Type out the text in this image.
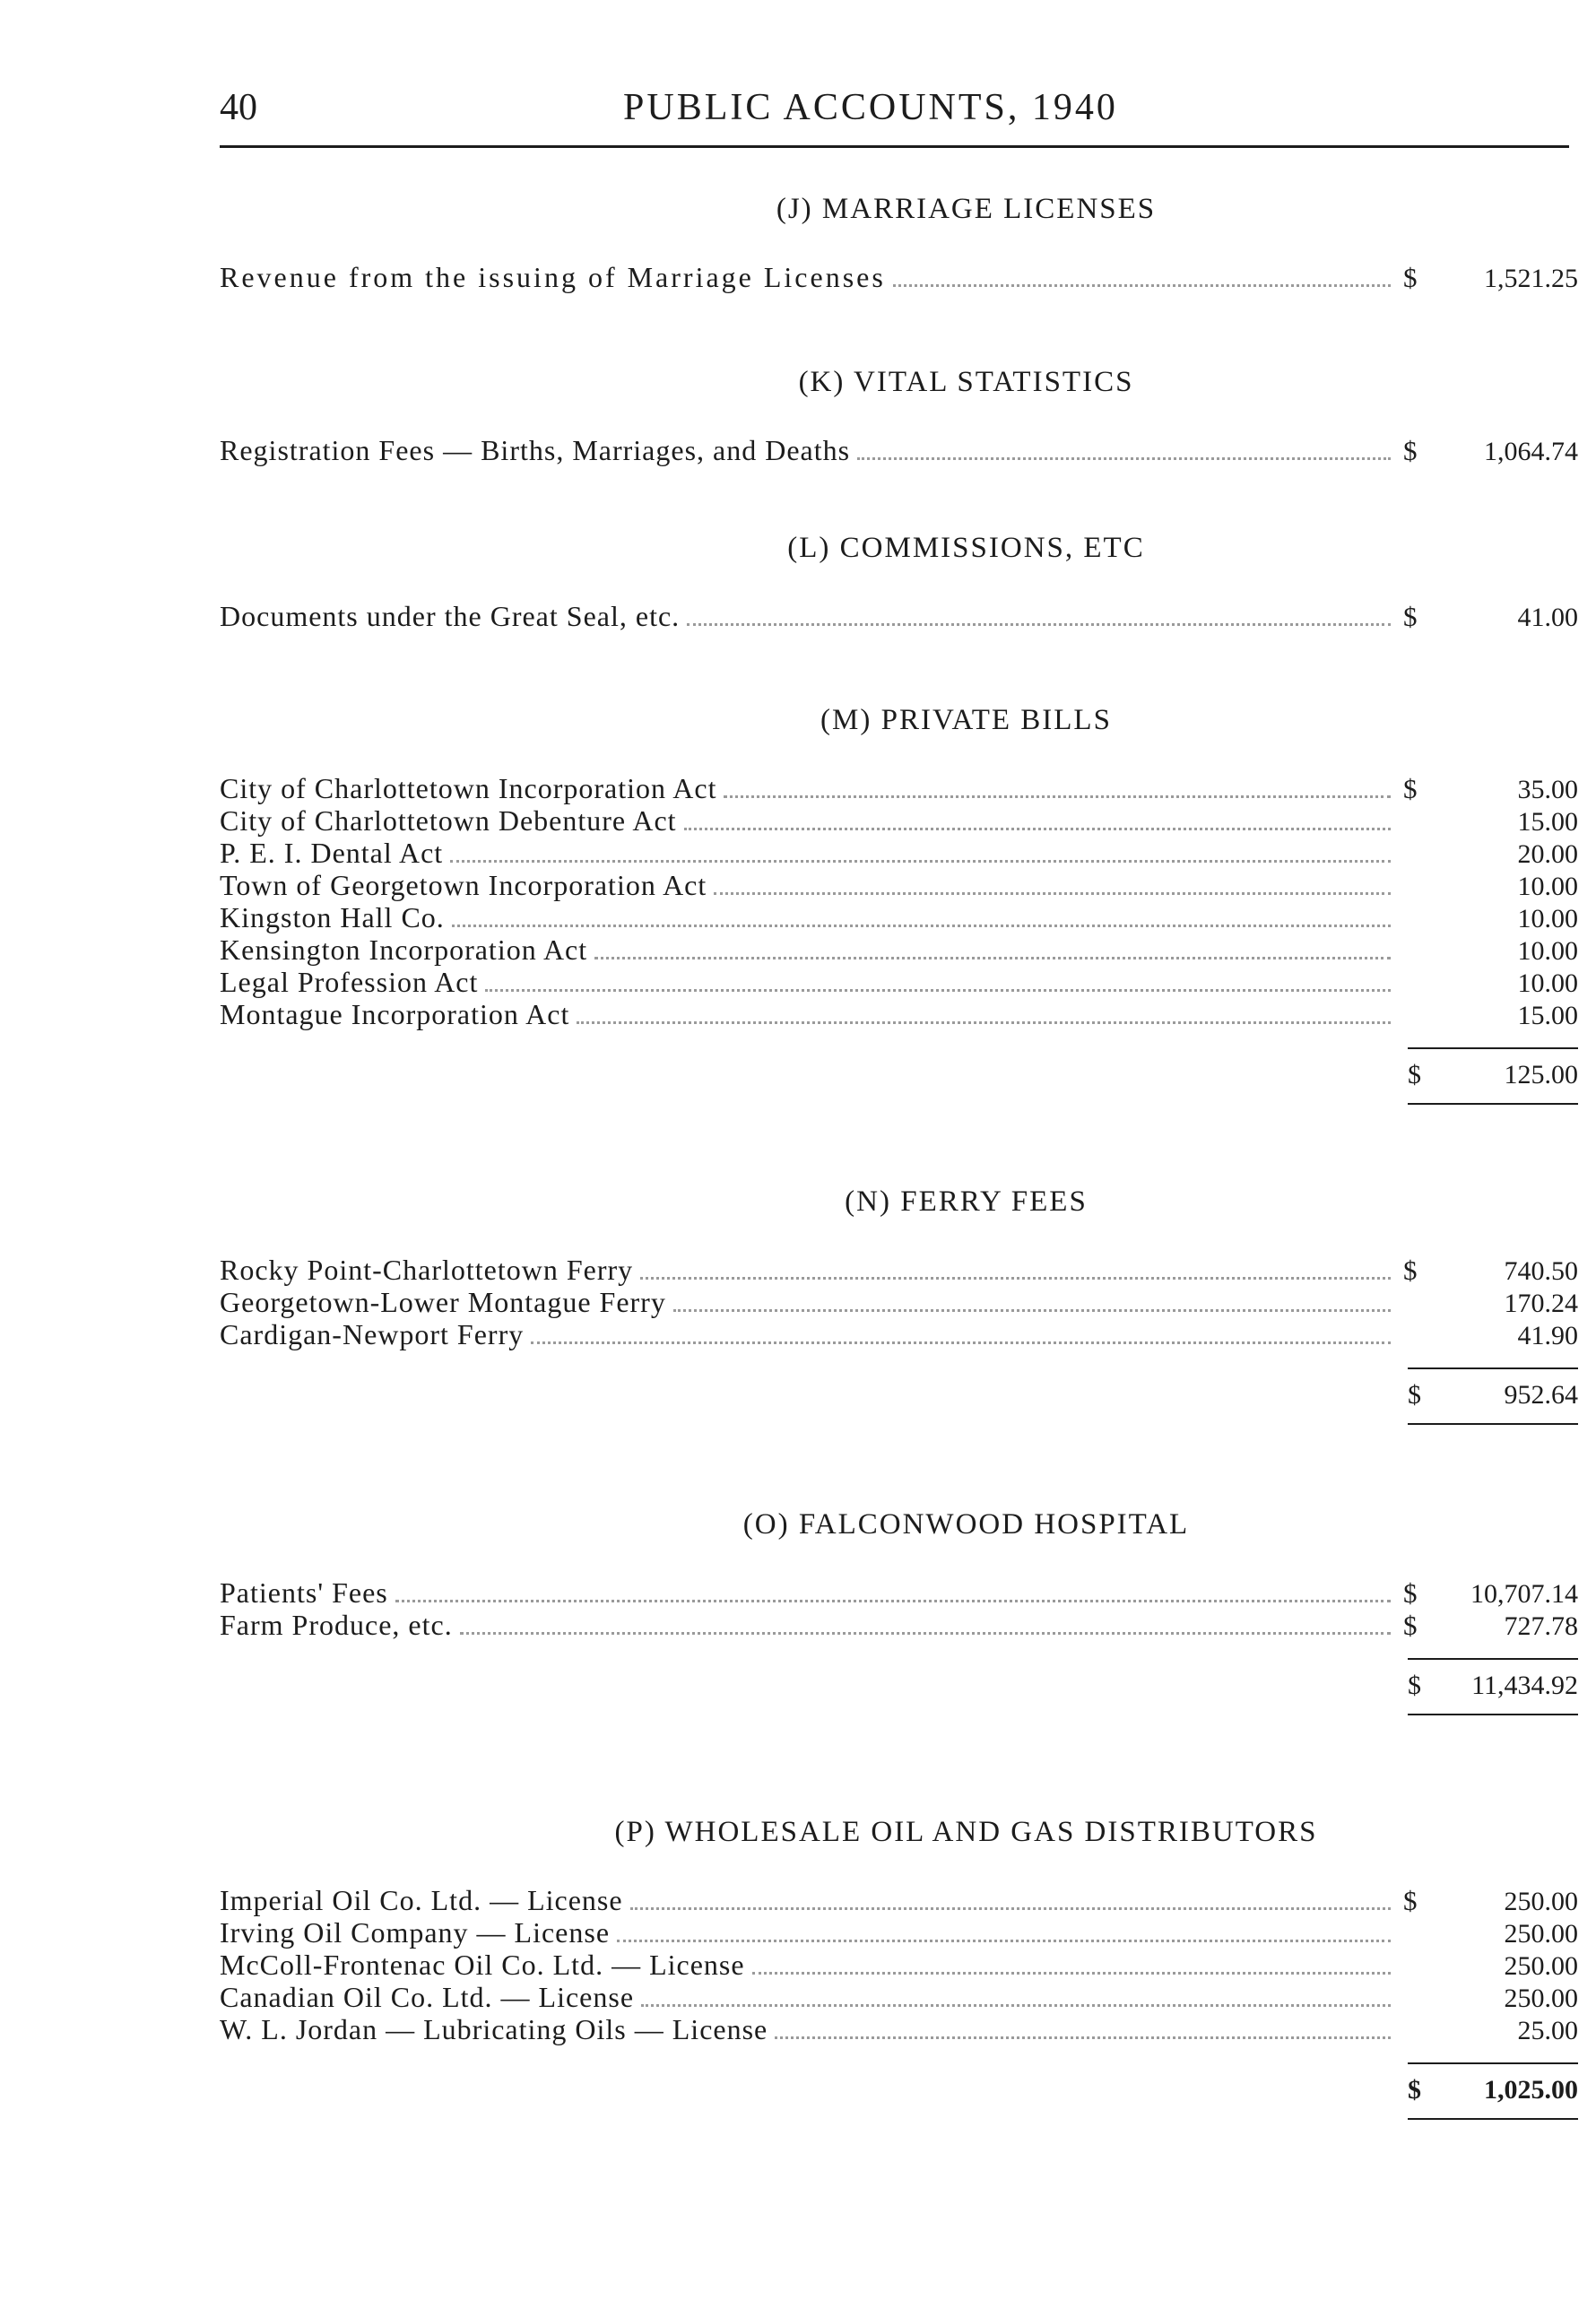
40	PUBLIC ACCOUNTS, 1940
(J) MARRIAGE LICENSES
Revenue from the issuing of Marriage Licenses	$	1,521.25
(K) VITAL STATISTICS
Registration Fees — Births, Marriages, and Deaths	$	1,064.74
(L) COMMISSIONS, ETC
Documents under the Great Seal, etc.	$	41.00
(M) PRIVATE BILLS
City of Charlottetown Incorporation Act	$	35.00
City of Charlottetown Debenture Act	15.00
P. E. I. Dental Act	20.00
Town of Georgetown Incorporation Act	10.00
Kingston Hall Co.	10.00
Kensington Incorporation Act	10.00
Legal Profession Act	10.00
Montague Incorporation Act	15.00
$	125.00
(N) FERRY FEES
Rocky Point-Charlottetown Ferry	$	740.50
Georgetown-Lower Montague Ferry	170.24
Cardigan-Newport Ferry	41.90
$	952.64
(O) FALCONWOOD HOSPITAL
Patients' Fees	$	10,707.14
Farm Produce, etc.	$	727.78
$ 11,434.92
(P) WHOLESALE OIL AND GAS DISTRIBUTORS
Imperial Oil Co. Ltd. — License	$	250.00
Irving Oil Company — License	250.00
McColl-Frontenac Oil Co. Ltd. — License	250.00
Canadian Oil Co. Ltd. — License	250.00
W. L. Jordan — Lubricating Oils — License	25.00
$ 1,025.00
